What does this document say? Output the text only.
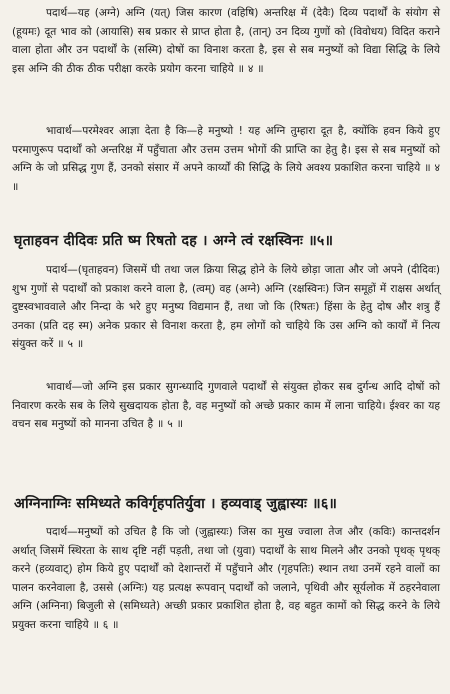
पदार्थ—यह (अग्ने) अग्नि (यत्) जिस कारण (वहिषि) अन्तरिक्ष में (देवैः) दिव्य पदार्थों के संयोग से (हूयमः) दूत भाव को (आयासि) सब प्रकार से प्राप्त होता है, (तान्) उन दिव्य गुणों को (विवोधय) विदित कराने वाला होता और उन पदार्थों के (सस्मि) दोषों का विनाश करता है, इस से सब मनुष्यों को विद्या सिद्धि के लिये इस अग्नि की ठीक ठीक परीक्षा करके प्रयोग करना चाहिये ॥ ४ ॥

भावार्थ—परमेश्वर आज्ञा देता है कि—हे मनुष्यो ! यह अग्नि तुम्हारा दूत है, क्योंकि हवन किये हुए परमाणुरूप पदार्थों को अन्तरिक्ष में पहुँचाता और उत्तम उत्तम भोगों की प्राप्ति का हेतु है। इस से सब मनुष्यों को अग्नि के जो प्रसिद्ध गुण हैं, उनको संसार में अपने कार्य्यों की सिद्धि के लिये अवश्य प्रकाशित करना चाहिये ॥ ४ ॥

घृताहवन दीदिवः प्रति ष्म रिषतो दह । अग्ने त्वं रक्षस्विनः ॥५॥

पदार्थ—(घृताहवन) जिसमें घी तथा जल क्रिया सिद्ध होने के लिये छोड़ा जाता और जो अपने (दीदिवः) शुभ गुणों से पदार्थों को प्रकाश करने वाला है, (त्वम्) वह (अग्ने) अग्नि (रक्षस्विनः) जिन समूहों में राक्षस अर्थात् दुष्टस्वभाववाले और निन्दा के भरे हुए मनुष्य विद्यमान हैं, तथा जो कि (रिषतः) हिंसा के हेतु दोष और शत्रु हैं उनका (प्रति दह स्म) अनेक प्रकार से विनाश करता है, हम लोगों को चाहिये कि उस अग्नि को कार्यों में नित्य संयुक्त करें ॥ ५ ॥

भावार्थ—जो अग्नि इस प्रकार सुगन्ध्यादि गुणवाले पदार्थों से संयुक्त होकर सब दुर्गन्ध आदि दोषों को निवारण करके सब के लिये सुखदायक होता है, वह मनुष्यों को अच्छे प्रकार काम में लाना चाहिये। ईश्वर का यह वचन सब मनुष्यों को मानना उचित है ॥ ५ ॥

अग्निनाग्निः समिध्यते कविर्गृहपतिर्युवा । हव्यवाड् जुह्वास्यः ॥६॥

पदार्थ—मनुष्यों को उचित है कि जो (जुह्वास्यः) जिस का मुख ज्वाला तेज और (कविः) कान्तदर्शन अर्थात् जिसमें स्थिरता के साथ दृष्टि नहीं पड़ती, तथा जो (युवा) पदार्थों के साथ मिलने और उनको पृथक् पृथक् करने (हव्यवाट्) होम किये हुए पदार्थों को देशान्तरों में पहुँचाने और (गृहपतिः) स्थान तथा उनमें रहने वालों का पालन करनेवाला है, उससे (अग्निः) यह प्रत्यक्ष रूपवान् पदार्थों को जलाने, पृथिवी और सूर्यलोक में ठहरनेवाला अग्नि (अग्निना) बिजुली से (समिध्यते) अच्छी प्रकार प्रकाशित होता है, वह बहुत कामों को सिद्ध करने के लिये प्रयुक्त करना चाहिये ॥ ६ ॥
